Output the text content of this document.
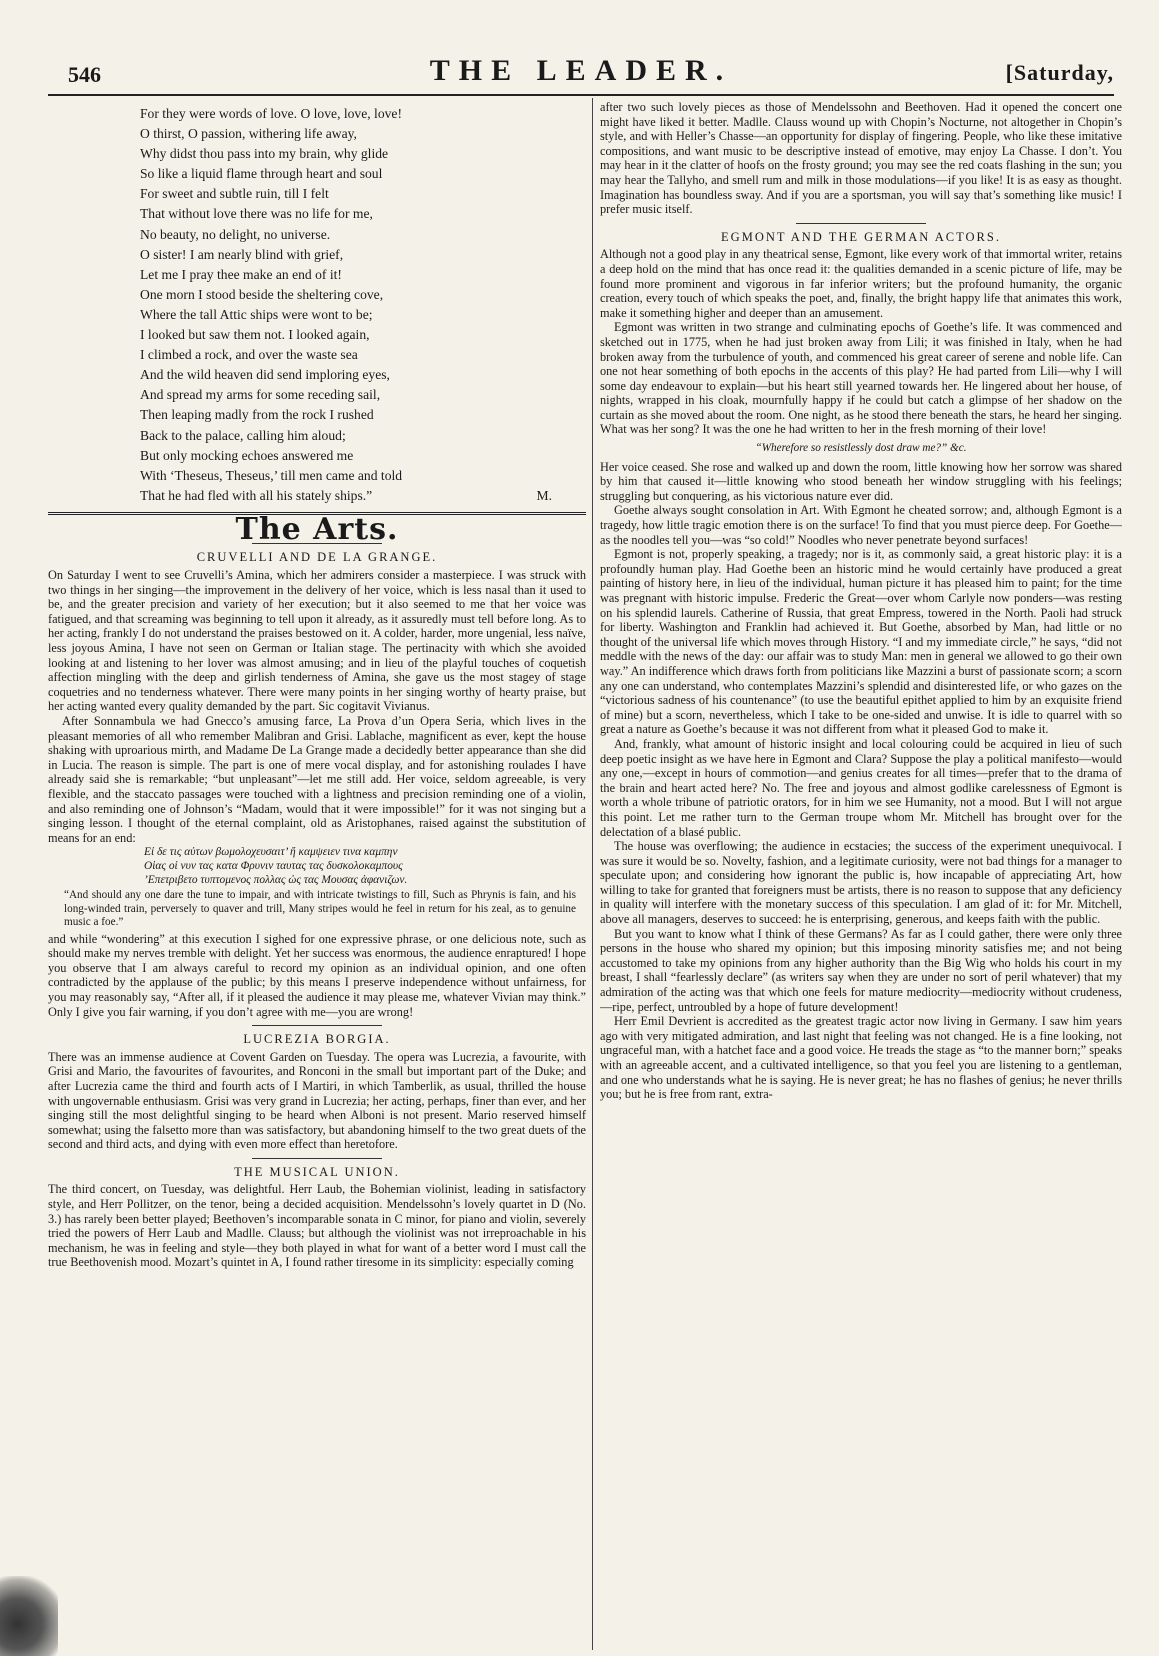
546	THE LEADER.	[Saturday,
For they were words of love. O love, love, love!
O thirst, O passion, withering life away,
Why didst thou pass into my brain, why glide
So like a liquid flame through heart and soul
For sweet and subtle ruin, till I felt
That without love there was no life for me,
No beauty, no delight, no universe.
O sister! I am nearly blind with grief,
Let me I pray thee make an end of it!
One morn I stood beside the sheltering cove,
Where the tall Attic ships were wont to be;
I looked but saw them not. I looked again,
I climbed a rock, and over the waste sea
And the wild heaven did send imploring eyes,
And spread my arms for some receding sail,
Then leaping madly from the rock I rushed
Back to the palace, calling him aloud;
But only mocking echoes answered me
With ‘Theseus, Theseus,’ till men came and told
That he had fled with all his stately ships.”	M.
The Arts.
CRUVELLI AND DE LA GRANGE.

On Saturday I went to see Cruvelli’s Amina, which her admirers consider a masterpiece. I was struck with two things in her singing—the improvement in the delivery of her voice, which is less nasal than it used to be, and the greater precision and variety of her execution; but it also seemed to me that her voice was fatigued, and that screaming was beginning to tell upon it already, as it assuredly must tell before long. As to her acting, frankly I do not understand the praises bestowed on it. A colder, harder, more ungenial, less naïve, less joyous Amina, I have not seen on German or Italian stage. The pertinacity with which she avoided looking at and listening to her lover was almost amusing; and in lieu of the playful touches of coquetish affection mingling with the deep and girlish tenderness of Amina, she gave us the most stagey of stage coquetries and no tenderness whatever. There were many points in her singing worthy of hearty praise, but her acting wanted every quality demanded by the part. Sic cogitavit Vivianus.

After Sonnambula we had Gnecco’s amusing farce, La Prova d’un Opera Seria, which lives in the pleasant memories of all who remember Malibran and Grisi. Lablache, magnificent as ever, kept the house shaking with uproarious mirth, and Madame De La Grange made a decidedly better appearance than she did in Lucia. The reason is simple. The part is one of mere vocal display, and for astonishing roulades I have already said she is remarkable; “but unpleasant”—let me still add. Her voice, seldom agreeable, is very flexible, and the staccato passages were touched with a lightness and precision reminding one of a violin, and also reminding one of Johnson’s “Madam, would that it were impossible!” for it was not singing but a singing lesson. I thought of the eternal complaint, old as Aristophanes, raised against the substitution of means for an end:

Εἰ δε τις αὐτων βωμολοχευσαιτ’ ἤ καμψειεν τινα καμπην
Οἱας οἱ νυν τας κατα Φρυνιν ταυτας τας δυσκολοκαμπους
’Επετριβετο τυπτομενος πολλας ὡς τας Μουσας ἀφανιζων.
“And should any one dare the tune to impair, and with intricate twistings to fill, Such as Phrynis is fain, and his long-winded train, perversely to quaver and trill, Many stripes would he feel in return for his zeal, as to genuine music a foe.”

and while “wondering” at this execution I sighed for one expressive phrase, or one delicious note, such as should make my nerves tremble with delight. Yet her success was enormous, the audience enraptured! I hope you observe that I am always careful to record my opinion as an individual opinion, and one often contradicted by the applause of the public; by this means I preserve independence without unfairness, for you may reasonably say, “After all, if it pleased the audience it may please me, whatever Vivian may think.” Only I give you fair warning, if you don’t agree with me—you are wrong!

LUCREZIA BORGIA.

There was an immense audience at Covent Garden on Tuesday. The opera was Lucrezia, a favourite, with Grisi and Mario, the favourites of favourites, and Ronconi in the small but important part of the Duke; and after Lucrezia came the third and fourth acts of I Martiri, in which Tamberlik, as usual, thrilled the house with ungovernable enthusiasm. Grisi was very grand in Lucrezia; her acting, perhaps, finer than ever, and her singing still the most delightful singing to be heard when Alboni is not present. Mario reserved himself somewhat; using the falsetto more than was satisfactory, but abandoning himself to the two great duets of the second and third acts, and dying with even more effect than heretofore.

THE MUSICAL UNION.

The third concert, on Tuesday, was delightful. Herr Laub, the Bohemian violinist, leading in satisfactory style, and Herr Pollitzer, on the tenor, being a decided acquisition. Mendelssohn’s lovely quartet in D (No. 3.) has rarely been better played; Beethoven’s incomparable sonata in C minor, for piano and violin, severely tried the powers of Herr Laub and Madlle. Clauss; but although the violinist was not irreproachable in his mechanism, he was in feeling and style—they both played in what for want of a better word I must call the true Beethovenish mood. Mozart’s quintet in A, I found rather tiresome in its simplicity: especially coming

after two such lovely pieces as those of Mendelssohn and Beethoven. Had it opened the concert one might have liked it better. Madlle. Clauss wound up with Chopin’s Nocturne, not altogether in Chopin’s style, and with Heller’s Chasse—an opportunity for display of fingering. People, who like these imitative compositions, and want music to be descriptive instead of emotive, may enjoy La Chasse. I don’t. You may hear in it the clatter of hoofs on the frosty ground; you may see the red coats flashing in the sun; you may hear the Tallyho, and smell rum and milk in those modulations—if you like! It is as easy as thought. Imagination has boundless sway. And if you are a sportsman, you will say that’s something like music! I prefer music itself.

EGMONT AND THE GERMAN ACTORS.

Although not a good play in any theatrical sense, Egmont, like every work of that immortal writer, retains a deep hold on the mind that has once read it: the qualities demanded in a scenic picture of life, may be found more prominent and vigorous in far inferior writers; but the profound humanity, the organic creation, every touch of which speaks the poet, and, finally, the bright happy life that animates this work, make it something higher and deeper than an amusement.

Egmont was written in two strange and culminating epochs of Goethe’s life. It was commenced and sketched out in 1775, when he had just broken away from Lili; it was finished in Italy, when he had broken away from the turbulence of youth, and commenced his great career of serene and noble life. Can one not hear something of both epochs in the accents of this play? He had parted from Lili—why I will some day endeavour to explain—but his heart still yearned towards her. He lingered about her house, of nights, wrapped in his cloak, mournfully happy if he could but catch a glimpse of her shadow on the curtain as she moved about the room. One night, as he stood there beneath the stars, he heard her singing. What was her song? It was the one he had written to her in the fresh morning of their love!

“Wherefore so resistlessly dost draw me?” &c.

Her voice ceased. She rose and walked up and down the room, little knowing how her sorrow was shared by him that caused it—little knowing who stood beneath her window struggling with his feelings; struggling but conquering, as his victorious nature ever did.

Goethe always sought consolation in Art. With Egmont he cheated sorrow; and, although Egmont is a tragedy, how little tragic emotion there is on the surface! To find that you must pierce deep. For Goethe—as the noodles tell you—was “so cold!” Noodles who never penetrate beyond surfaces!

Egmont is not, properly speaking, a tragedy; nor is it, as commonly said, a great historic play: it is a profoundly human play. Had Goethe been an historic mind he would certainly have produced a great painting of history here, in lieu of the individual, human picture it has pleased him to paint; for the time was pregnant with historic impulse. Frederic the Great—over whom Carlyle now ponders—was resting on his splendid laurels. Catherine of Russia, that great Empress, towered in the North. Paoli had struck for liberty. Washington and Franklin had achieved it. But Goethe, absorbed by Man, had little or no thought of the universal life which moves through History. “I and my immediate circle,” he says, “did not meddle with the news of the day: our affair was to study Man: men in general we allowed to go their own way.” An indifference which draws forth from politicians like Mazzini a burst of passionate scorn; a scorn any one can understand, who contemplates Mazzini’s splendid and disinterested life, or who gazes on the “victorious sadness of his countenance” (to use the beautiful epithet applied to him by an exquisite friend of mine) but a scorn, nevertheless, which I take to be one-sided and unwise. It is idle to quarrel with so great a nature as Goethe’s because it was not different from what it pleased God to make it.

And, frankly, what amount of historic insight and local colouring could be acquired in lieu of such deep poetic insight as we have here in Egmont and Clara? Suppose the play a political manifesto—would any one,—except in hours of commotion—and genius creates for all times—prefer that to the drama of the brain and heart acted here? No. The free and joyous and almost godlike carelessness of Egmont is worth a whole tribune of patriotic orators, for in him we see Humanity, not a mood. But I will not argue this point. Let me rather turn to the German troupe whom Mr. Mitchell has brought over for the delectation of a blasé public.

The house was overflowing; the audience in ecstacies; the success of the experiment unequivocal. I was sure it would be so. Novelty, fashion, and a legitimate curiosity, were not bad things for a manager to speculate upon; and considering how ignorant the public is, how incapable of appreciating Art, how willing to take for granted that foreigners must be artists, there is no reason to suppose that any deficiency in quality will interfere with the monetary success of this speculation. I am glad of it: for Mr. Mitchell, above all managers, deserves to succeed: he is enterprising, generous, and keeps faith with the public.

But you want to know what I think of these Germans? As far as I could gather, there were only three persons in the house who shared my opinion; but this imposing minority satisfies me; and not being accustomed to take my opinions from any higher authority than the Big Wig who holds his court in my breast, I shall “fearlessly declare” (as writers say when they are under no sort of peril whatever) that my admiration of the acting was that which one feels for mature mediocrity—mediocrity without crudeness,—ripe, perfect, untroubled by a hope of future development!

Herr Emil Devrient is accredited as the greatest tragic actor now living in Germany. I saw him years ago with very mitigated admiration, and last night that feeling was not changed. He is a fine looking, not ungraceful man, with a hatchet face and a good voice. He treads the stage as “to the manner born;” speaks with an agreeable accent, and a cultivated intelligence, so that you feel you are listening to a gentleman, and one who understands what he is saying. He is never great; he has no flashes of genius; he never thrills you; but he is free from rant, extra-
